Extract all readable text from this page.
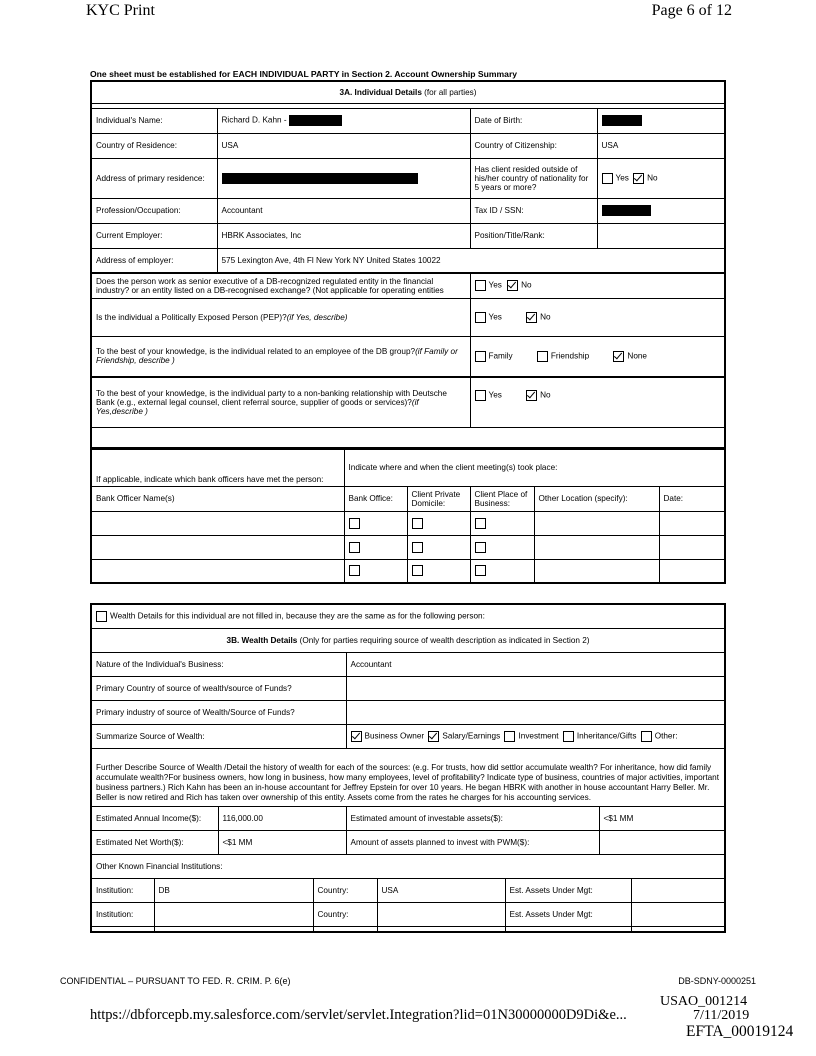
KYC Print	Page 6 of 12
One sheet must be established for EACH INDIVIDUAL PARTY in Section 2. Account Ownership Summary
3A. Individual Details (for all parties)			

Individual's Name:	Richard D. Kahn -	Date of Birth:	
Country of Residence:	USA	Country of Citizenship:	USA
Address of primary residence:		Has client resided outside of his/her country of nationality for 5 years or more?	Yes No
Profession/Occupation:	Accountant	Tax ID / SSN:	
Current Employer:	HBRK Associates, Inc	Position/Title/Rank:	
Address of employer:	575 Lexington Ave, 4th Fl New York NY United States 10022		
Does the person work as senior executive of a DB-recognized regulated entity in the financial industry? or an entity listed on a DB-recognised exchange? (Not applicable for operating entities		Yes No	
Is the individual a Politically Exposed Person (PEP)?(if Yes, describe)		Yes No	
To the best of your knowledge, is the individual related to an employee of the DB group?(if Family or Friendship, describe )		Family Friendship None	
To the best of your knowledge, is the individual party to a non-banking relationship with Deutsche Bank (e.g., external legal counsel, client referral source, supplier of goods or services)?(if Yes,describe )		Yes No	

If applicable, indicate which bank officers have met the person:	Indicate where and when the client meeting(s) took place:				
Bank Officer Name(s)	Bank Office:	Client Private Domicile:	Client Place of Business:	Other Location (specify):	Date:

Wealth Details for this individual are not filled in, because they are the same as for the following person:								
3B. Wealth Details (Only for parties requiring source of wealth description as indicated in Section 2)								
Nature of the Individual's Business:				Accountant				
Primary Country of source of wealth/source of Funds?								
Primary industry of source of Wealth/Source of Funds?								
Summarize Source of Wealth:				Business Owner Salary/Earnings Investment Inheritance/Gifts Other:				
Further Describe Source of Wealth /Detail the history of wealth for each of the sources: (e.g. For trusts, how did settlor accumulate wealth? For inheritance, how did family accumulate wealth?For business owners, how long in business, how many employees, level of profitability? Indicate type of business, countries of major activities, important business partners.) Rich Kahn has been an in-house accountant for Jeffrey Epstein for over 10 years. He began HBRK with another in house accountant Harry Beller. Mr. Beller is now retired and Rich has taken over ownership of this entity. Assets come from the rates he charges for his accounting services.								
Estimated Annual Income($):		116,000.00		Estimated amount of investable assets($):			<$1 MM	
Estimated Net Worth($):		<$1 MM		Amount of assets planned to invest with PWM($):				
Other Known Financial Institutions:								
Institution:	DB		Country:		USA	Est. Assets Under Mgt:		
Institution:			Country:			Est. Assets Under Mgt:		

CONFIDENTIAL – PURSUANT TO FED. R. CRIM. P. 6(e)	DB-SDNY-0000251
USAO_001214
https://dbforcepb.my.salesforce.com/servlet/servlet.Integration?lid=01N30000000D9Di&e...	7/11/2019
EFTA_00019124
